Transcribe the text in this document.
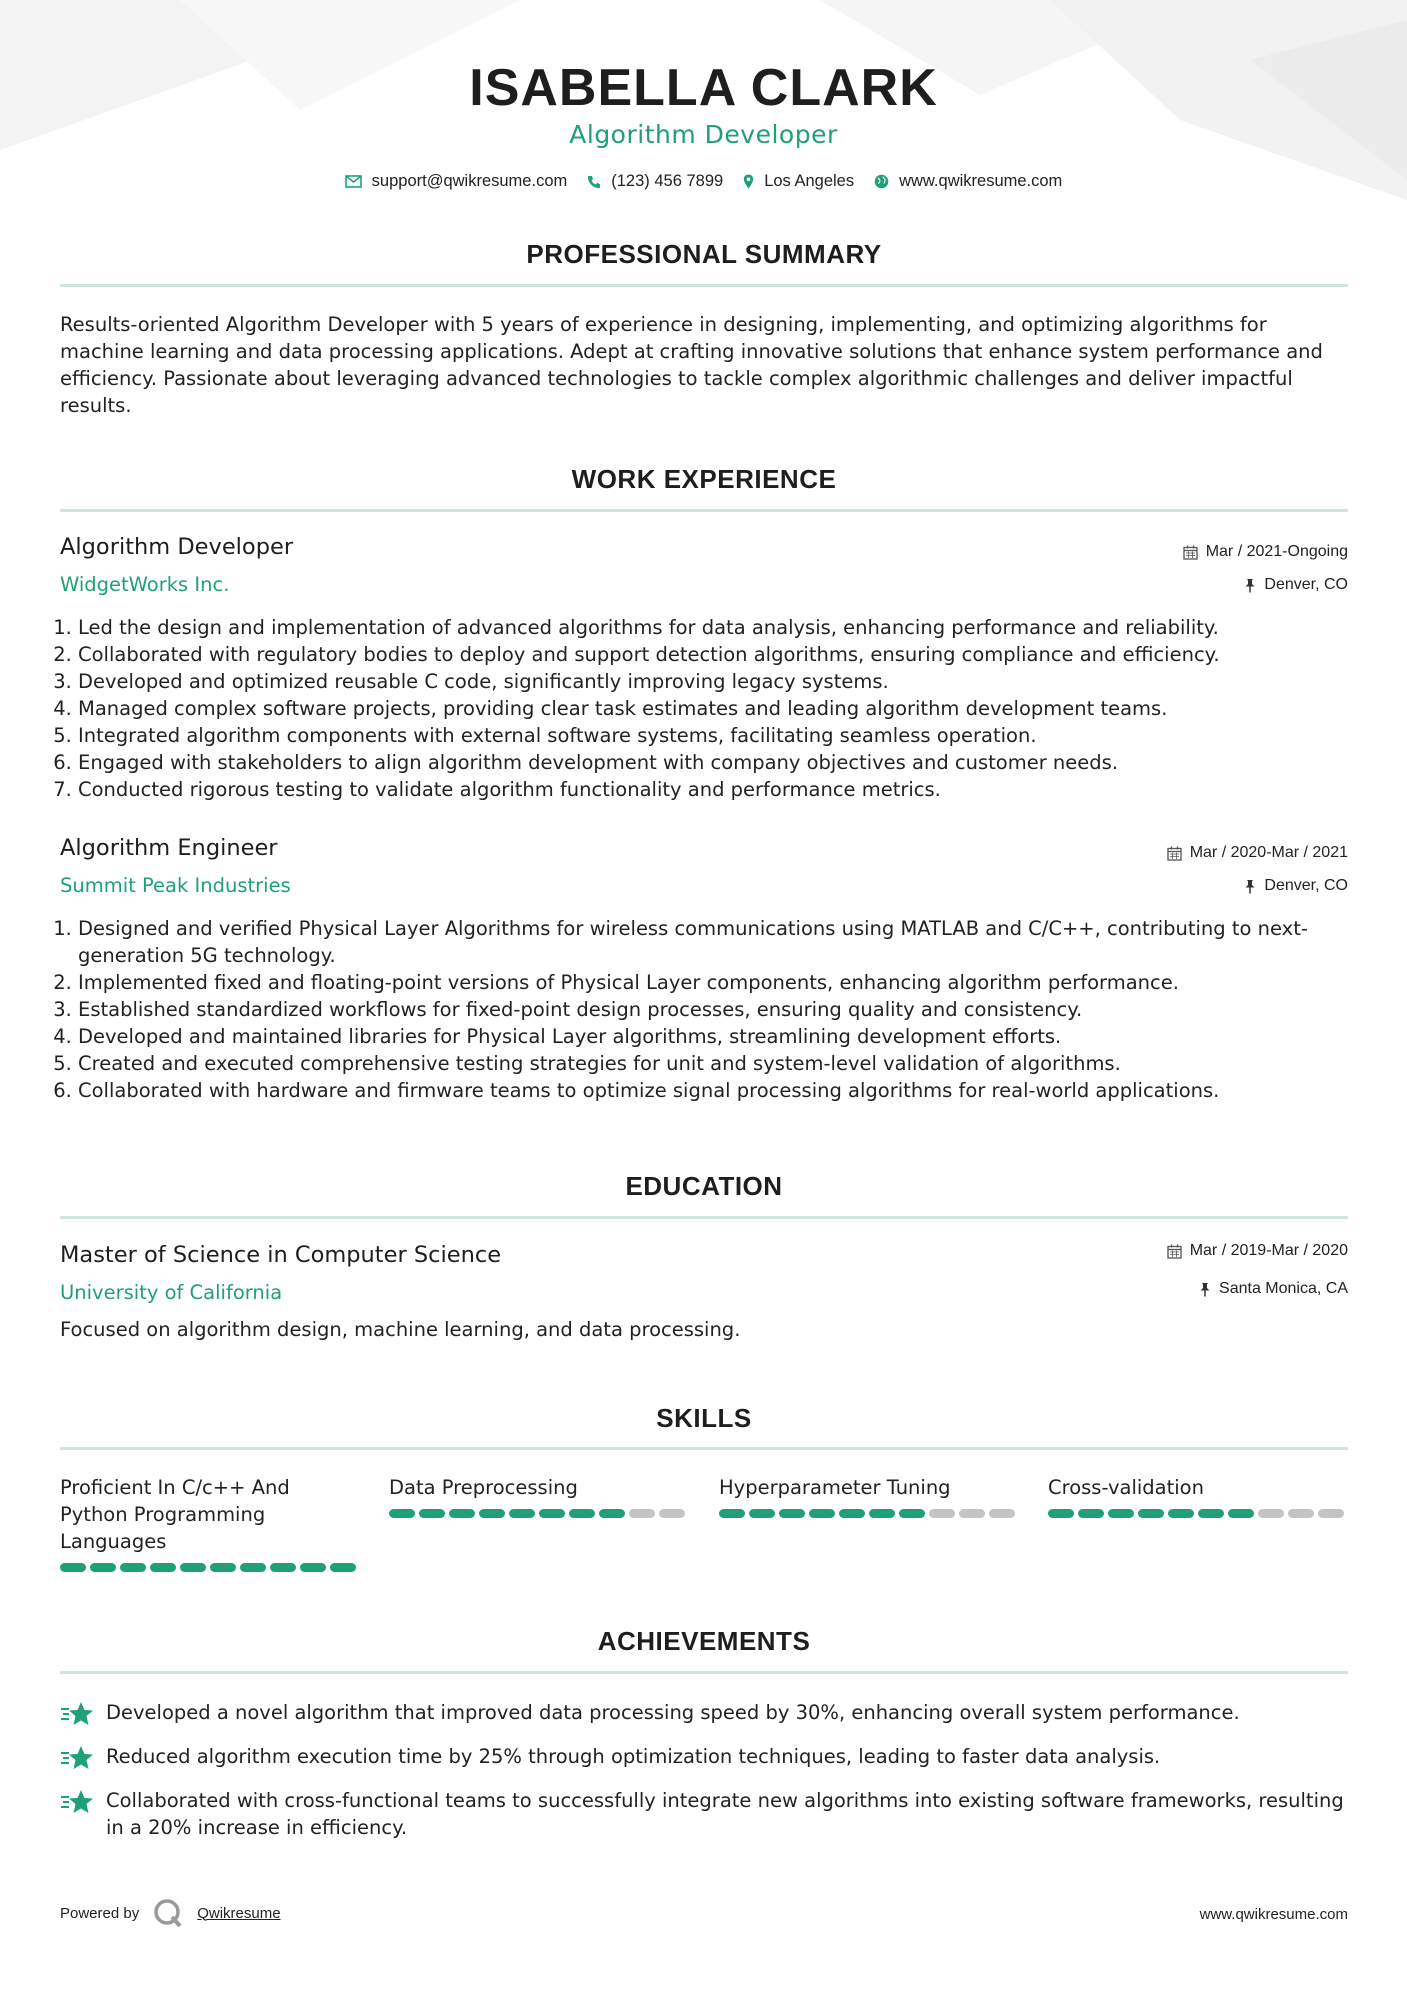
ISABELLA CLARK
Algorithm Developer
support@qwikresume.com	(123) 456 7899 Los Angeles	www.qwikresume.com
PROFESSIONAL SUMMARY
Results-oriented Algorithm Developer with 5 years of experience in designing, implementing, and optimizing algorithms for machine learning and data processing applications. Adept at crafting innovative solutions that enhance system performance and efficiency. Passionate about leveraging advanced technologies to tackle complex algorithmic challenges and deliver impactful results.
WORK EXPERIENCE
Algorithm Developer
WidgetWorks Inc.
Mar / 2021-Ongoing
Denver, CO
1. Led the design and implementation of advanced algorithms for data analysis, enhancing performance and reliability.
2. Collaborated with regulatory bodies to deploy and support detection algorithms, ensuring compliance and efficiency.
3. Developed and optimized reusable C code, significantly improving legacy systems.
4. Managed complex software projects, providing clear task estimates and leading algorithm development teams.
5. Integrated algorithm components with external software systems, facilitating seamless operation.
6. Engaged with stakeholders to align algorithm development with company objectives and customer needs.
7. Conducted rigorous testing to validate algorithm functionality and performance metrics.
Algorithm Engineer
Summit Peak Industries
Mar / 2020-Mar / 2021
Denver, CO
1. Designed and verified Physical Layer Algorithms for wireless communications using MATLAB and C/C++, contributing to next-generation 5G technology.
2. Implemented fixed and floating-point versions of Physical Layer components, enhancing algorithm performance.
3. Established standardized workflows for fixed-point design processes, ensuring quality and consistency.
4. Developed and maintained libraries for Physical Layer algorithms, streamlining development efforts.
5. Created and executed comprehensive testing strategies for unit and system-level validation of algorithms.
6. Collaborated with hardware and firmware teams to optimize signal processing algorithms for real-world applications.
EDUCATION
Master of Science in Computer Science
University of California
Mar / 2019-Mar / 2020
Santa Monica, CA
Focused on algorithm design, machine learning, and data processing.
SKILLS
Proficient In C/c++ And Python Programming Languages
Data Preprocessing	Hyperparameter Tuning	Cross-validation
ACHIEVEMENTS
Developed a novel algorithm that improved data processing speed by 30%, enhancing overall system performance.
Reduced algorithm execution time by 25% through optimization techniques, leading to faster data analysis.
Collaborated with cross-functional teams to successfully integrate new algorithms into existing software frameworks, resulting in a 20% increase in efficiency.
Powered by	Qwikresume	www.qwikresume.com
